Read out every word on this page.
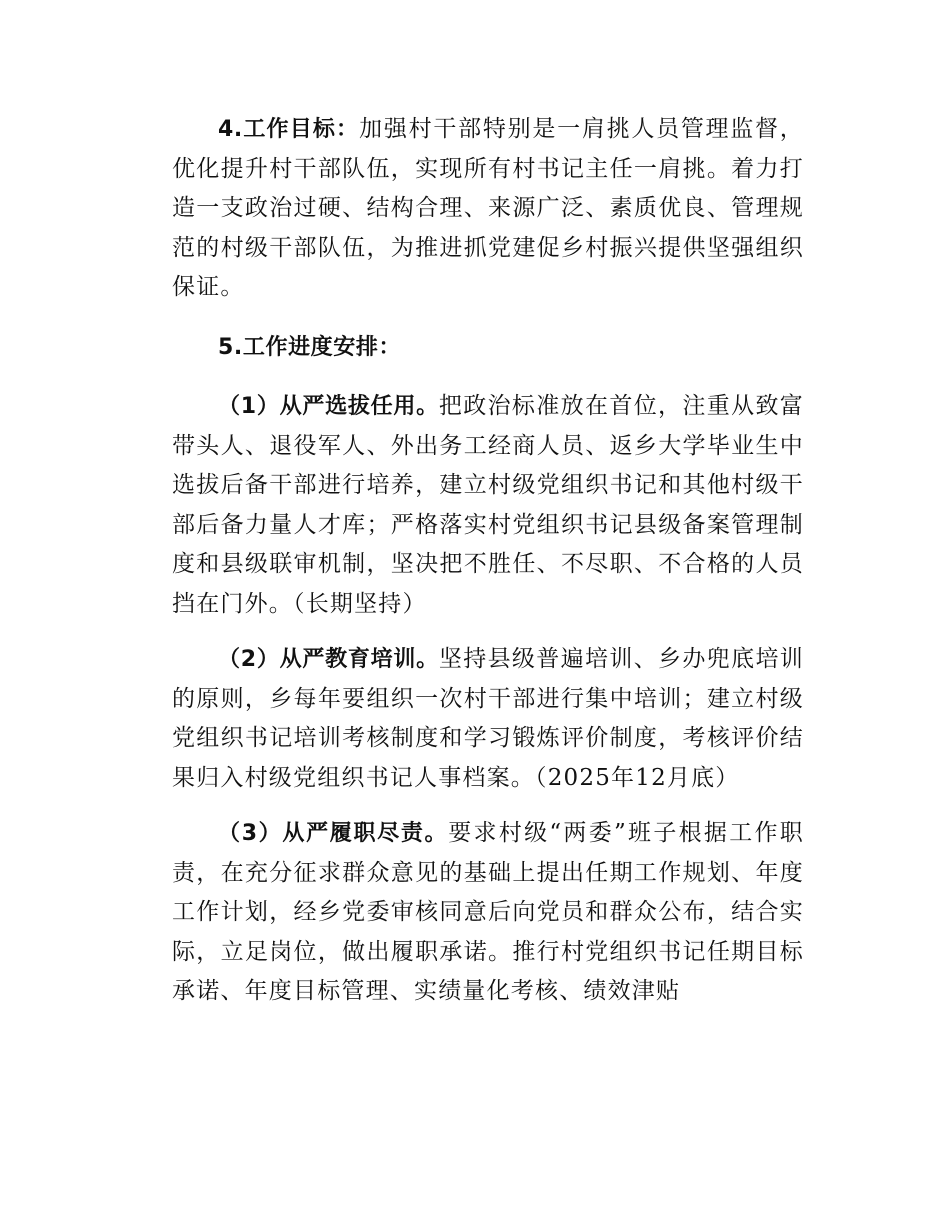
4.工作目标：加强村干部特别是一肩挑人员管理监督，优化提升村干部队伍，实现所有村书记主任一肩挑。着力打造一支政治过硬、结构合理、来源广泛、素质优良、管理规范的村级干部队伍，为推进抓党建促乡村振兴提供坚强组织保证。

5.工作进度安排：

（1）从严选拔任用。把政治标准放在首位，注重从致富带头人、退役军人、外出务工经商人员、返乡大学毕业生中选拔后备干部进行培养，建立村级党组织书记和其他村级干部后备力量人才库；严格落实村党组织书记县级备案管理制度和县级联审机制，坚决把不胜任、不尽职、不合格的人员挡在门外。（长期坚持）

（2）从严教育培训。坚持县级普遍培训、乡办兜底培训的原则，乡每年要组织一次村干部进行集中培训；建立村级党组织书记培训考核制度和学习锻炼评价制度，考核评价结果归入村级党组织书记人事档案。（2025年12月底）

（3）从严履职尽责。要求村级“两委”班子根据工作职责，在充分征求群众意见的基础上提出任期工作规划、年度工作计划，经乡党委审核同意后向党员和群众公布，结合实际，立足岗位，做出履职承诺。推行村党组织书记任期目标承诺、年度目标管理、实绩量化考核、绩效津贴
